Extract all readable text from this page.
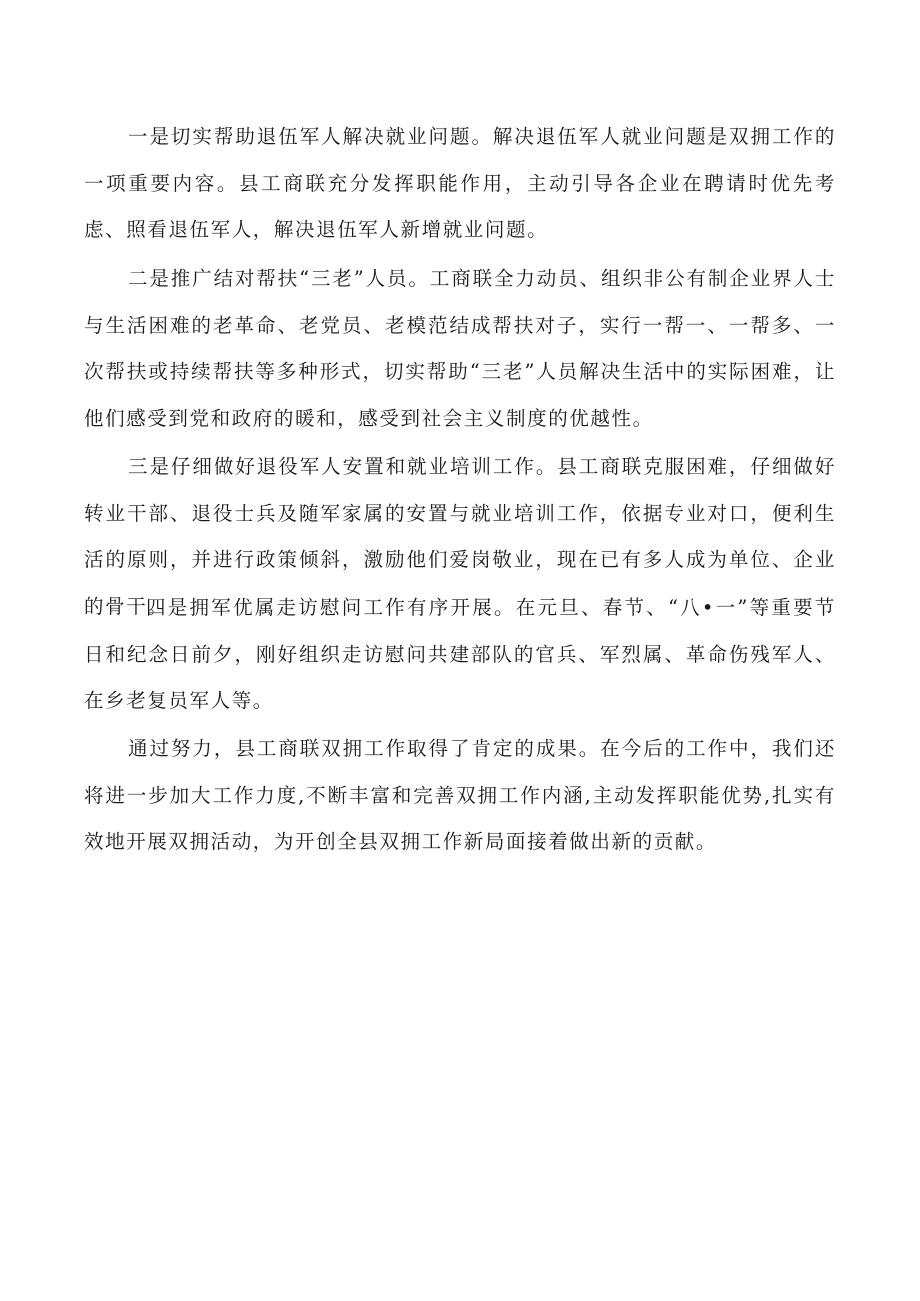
一是切实帮助退伍军人解决就业问题。解决退伍军人就业问题是双拥工作的一项重要内容。县工商联充分发挥职能作用，主动引导各企业在聘请时优先考虑、照看退伍军人，解决退伍军人新增就业问题。

二是推广结对帮扶“三老”人员。工商联全力动员、组织非公有制企业界人士与生活困难的老革命、老党员、老模范结成帮扶对子，实行一帮一、一帮多、一次帮扶或持续帮扶等多种形式，切实帮助“三老”人员解决生活中的实际困难，让他们感受到党和政府的暖和，感受到社会主义制度的优越性。

三是仔细做好退役军人安置和就业培训工作。县工商联克服困难，仔细做好转业干部、退役士兵及随军家属的安置与就业培训工作，依据专业对口，便利生活的原则，并进行政策倾斜，激励他们爱岗敬业，现在已有多人成为单位、企业的骨干。

四是拥军优属走访慰问工作有序开展。在元旦、春节、“八•一”等重要节日和纪念日前夕，刚好组织走访慰问共建部队的官兵、军烈属、革命伤残军人、在乡老复员军人等。

通过努力，县工商联双拥工作取得了肯定的成果。在今后的工作中，我们还将进一步加大工作力度,不断丰富和完善双拥工作内涵,主动发挥职能优势,扎实有效地开展双拥活动，为开创全县双拥工作新局面接着做出新的贡献。
